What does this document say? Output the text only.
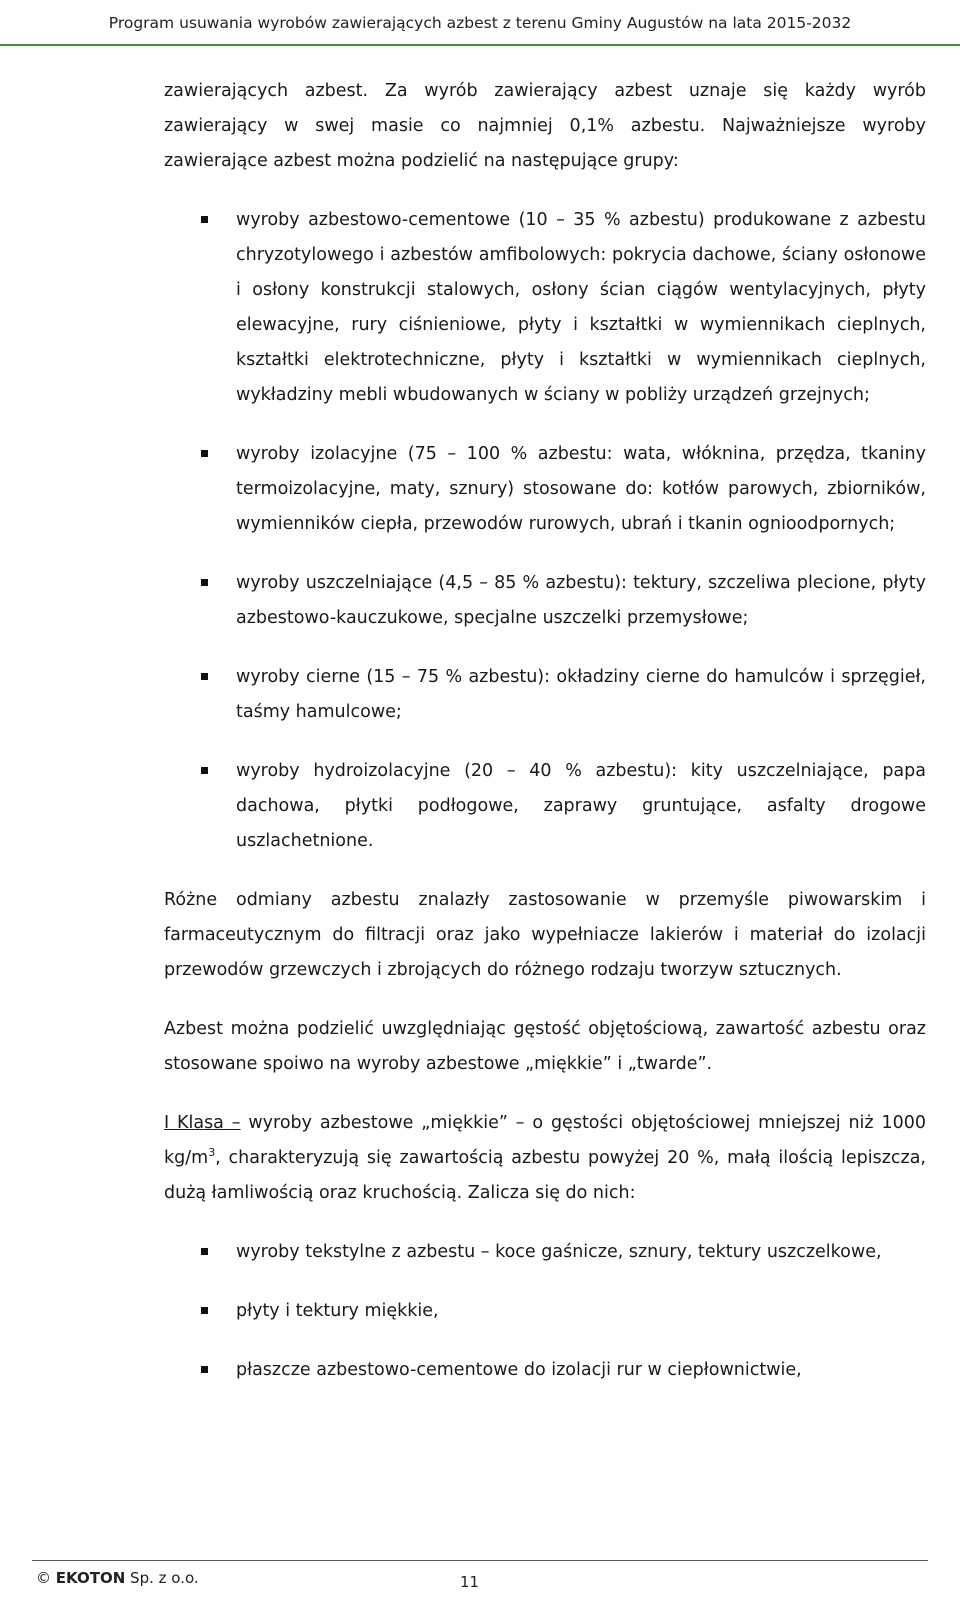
Program usuwania wyrobów zawierających azbest z terenu Gminy Augustów na lata 2015-2032

zawierających azbest. Za wyrób zawierający azbest uznaje się każdy wyrób zawierający w swej masie co najmniej 0,1% azbestu. Najważniejsze wyroby zawierające azbest można podzielić na następujące grupy:

wyroby azbestowo-cementowe (10 – 35 % azbestu) produkowane z azbestu chryzotylowego i azbestów amfibolowych: pokrycia dachowe, ściany osłonowe i osłony konstrukcji stalowych, osłony ścian ciągów wentylacyjnych, płyty elewacyjne, rury ciśnieniowe, płyty i kształtki w wymiennikach cieplnych, kształtki elektrotechniczne, płyty i kształtki w wymiennikach cieplnych, wykładziny mebli wbudowanych w ściany w pobliży urządzeń grzejnych;
wyroby izolacyjne (75 – 100 % azbestu: wata, włóknina, przędza, tkaniny termoizolacyjne, maty, sznury) stosowane do: kotłów parowych, zbiorników, wymienników ciepła, przewodów rurowych, ubrań i tkanin ognioodpornych;
wyroby uszczelniające (4,5 – 85 % azbestu): tektury, szczeliwa plecione, płyty azbestowo-kauczukowe, specjalne uszczelki przemysłowe;
wyroby cierne (15 – 75 % azbestu): okładziny cierne do hamulców i sprzęgieł, taśmy hamulcowe;
wyroby hydroizolacyjne (20 – 40 % azbestu): kity uszczelniające, papa dachowa, płytki podłogowe, zaprawy gruntujące, asfalty drogowe uszlachetnione.

Różne odmiany azbestu znalazły zastosowanie w przemyśle piwowarskim i farmaceutycznym do filtracji oraz jako wypełniacze lakierów i materiał do izolacji przewodów grzewczych i zbrojących do różnego rodzaju tworzyw sztucznych.

Azbest można podzielić uwzględniając gęstość objętościową, zawartość azbestu oraz stosowane spoiwo na wyroby azbestowe „miękkie” i „twarde”.

I Klasa – wyroby azbestowe „miękkie” – o gęstości objętościowej mniejszej niż 1000 $kg/m^3$, charakteryzują się zawartością azbestu powyżej 20 %, małą ilością lepiszcza, dużą łamliwością oraz kruchością. Zalicza się do nich:

wyroby tekstylne z azbestu – koce gaśnicze, sznury, tektury uszczelkowe,
płyty i tektury miękkie,
płaszcze azbestowo-cementowe do izolacji rur w ciepłownictwie,
© EKOTON Sp. z o.o.	11
